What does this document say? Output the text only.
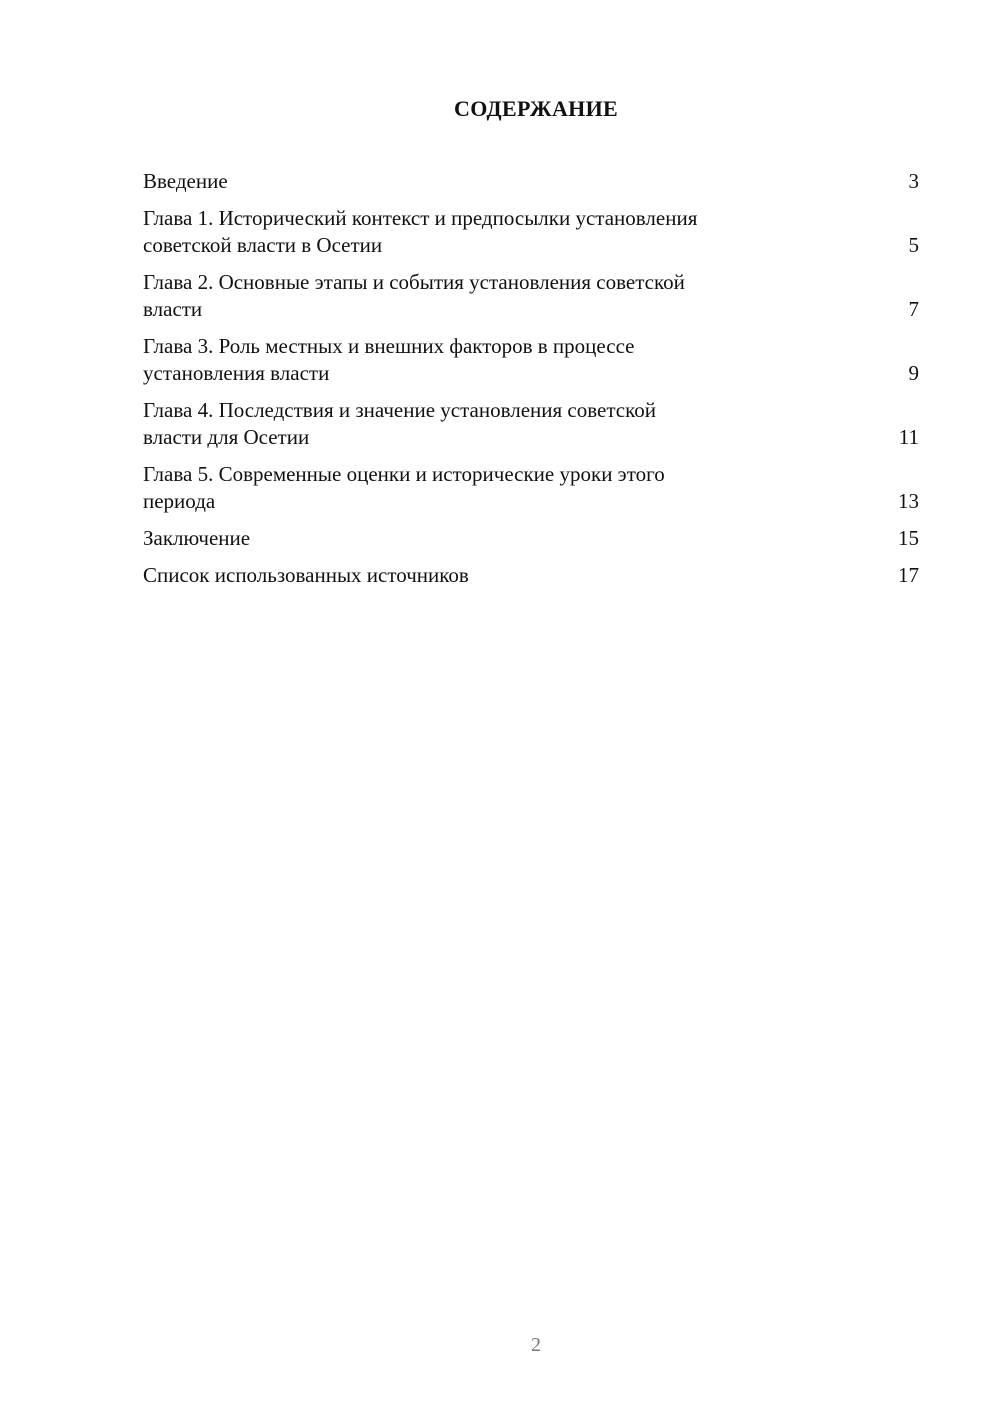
СОДЕРЖАНИЕ
Введение	3
Глава 1. Исторический контекст и предпосылки установления
советской власти в Осетии	5
Глава 2. Основные этапы и события установления советской
власти	7
Глава 3. Роль местных и внешних факторов в процессе
установления власти	9
Глава 4. Последствия и значение установления советской
власти для Осетии	11
Глава 5. Современные оценки и исторические уроки этого
периода	13
Заключение	15
Список использованных источников	17
2
